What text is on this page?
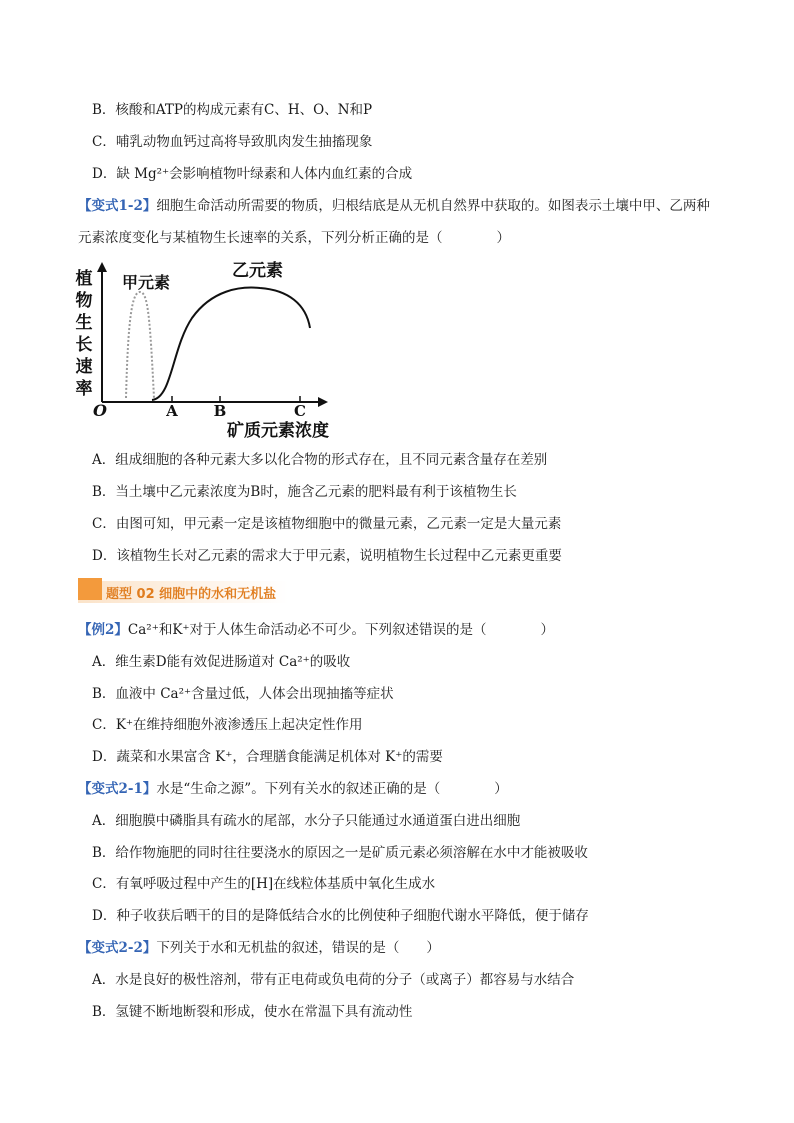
B．核酸和ATP的构成元素有C、H、O、N和P
C．哺乳动物血钙过高将导致肌肉发生抽搐现象
D．缺 Mg²⁺会影响植物叶绿素和人体内血红素的合成
【变式1-2】细胞生命活动所需要的物质，归根结底是从无机自然界中获取的。如图表示土壤中甲、乙两种
元素浓度变化与某植物生长速率的关系，下列分析正确的是（　　　　）
植
物
生
长
速
率
O	A B	C
矿质元素浓度
甲元素
乙元素
A．组成细胞的各种元素大多以化合物的形式存在，且不同元素含量存在差别
B．当土壤中乙元素浓度为B时，施含乙元素的肥料最有利于该植物生长
C．由图可知，甲元素一定是该植物细胞中的微量元素，乙元素一定是大量元素
D．该植物生长对乙元素的需求大于甲元素，说明植物生长过程中乙元素更重要
题型 02 细胞中的水和无机盐
【例2】Ca²⁺和K⁺对于人体生命活动必不可少。下列叙述错误的是（　　　　）
A．维生素D能有效促进肠道对 Ca²⁺的吸收
B．血液中 Ca²⁺含量过低，人体会出现抽搐等症状
C．K⁺在维持细胞外液渗透压上起决定性作用
D．蔬菜和水果富含 K⁺，合理膳食能满足机体对 K⁺的需要
【变式2-1】水是“生命之源”。下列有关水的叙述正确的是（　　　　）
A．细胞膜中磷脂具有疏水的尾部，水分子只能通过水通道蛋白进出细胞
B．给作物施肥的同时往往要浇水的原因之一是矿质元素必须溶解在水中才能被吸收
C．有氧呼吸过程中产生的[H]在线粒体基质中氧化生成水
D．种子收获后晒干的目的是降低结合水的比例使种子细胞代谢水平降低，便于储存
【变式2-2】下列关于水和无机盐的叙述，错误的是（　　）
A．水是良好的极性溶剂，带有正电荷或负电荷的分子（或离子）都容易与水结合
B．氢键不断地断裂和形成，使水在常温下具有流动性
